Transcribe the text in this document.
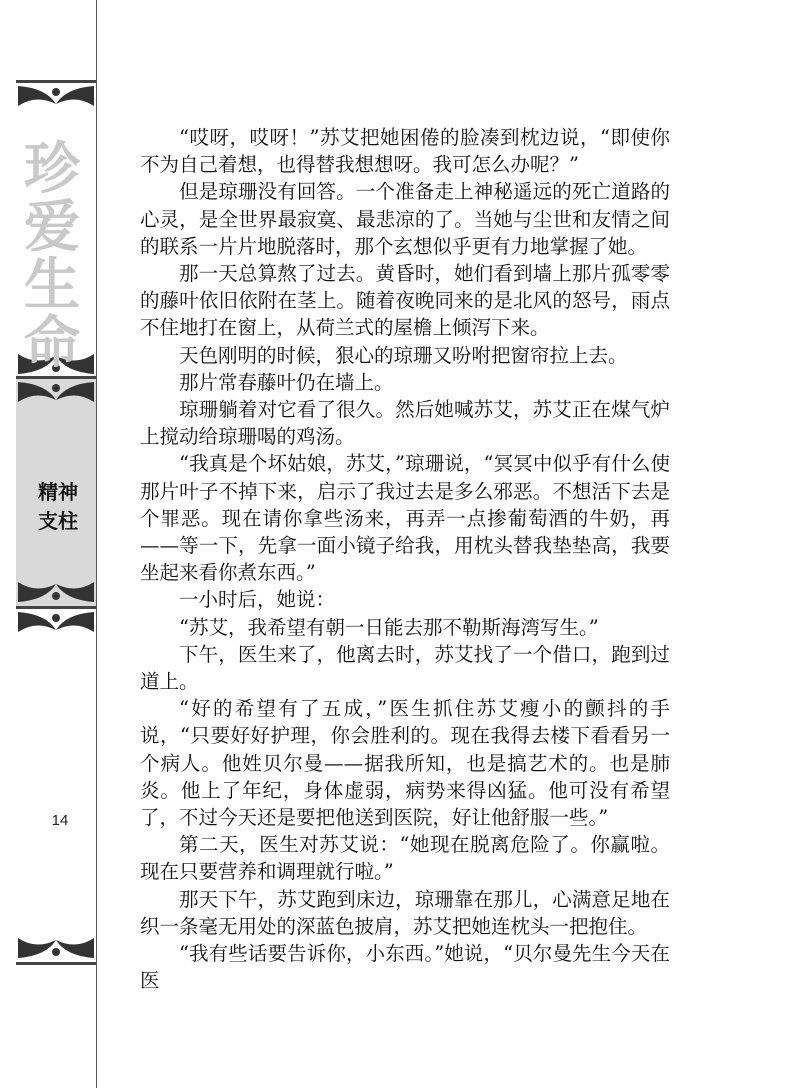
珍爱生命
精神支柱
14

“哎呀，哎呀！”苏艾把她困倦的脸凑到枕边说，“即使你不为自己着想，也得替我想想呀。我可怎么办呢？”

但是琼珊没有回答。一个准备走上神秘遥远的死亡道路的心灵，是全世界最寂寞、最悲凉的了。当她与尘世和友情之间的联系一片片地脱落时，那个玄想似乎更有力地掌握了她。

那一天总算熬了过去。黄昏时，她们看到墙上那片孤零零的藤叶依旧依附在茎上。随着夜晚同来的是北风的怒号，雨点不住地打在窗上，从荷兰式的屋檐上倾泻下来。

天色刚明的时候，狠心的琼珊又吩咐把窗帘拉上去。

那片常春藤叶仍在墙上。

琼珊躺着对它看了很久。然后她喊苏艾，苏艾正在煤气炉上搅动给琼珊喝的鸡汤。

“我真是个坏姑娘，苏艾，”琼珊说，“冥冥中似乎有什么使那片叶子不掉下来，启示了我过去是多么邪恶。不想活下去是个罪恶。现在请你拿些汤来，再弄一点掺葡萄酒的牛奶，再——等一下，先拿一面小镜子给我，用枕头替我垫垫高，我要坐起来看你煮东西。”

一小时后，她说：

“苏艾，我希望有朝一日能去那不勒斯海湾写生。”

下午，医生来了，他离去时，苏艾找了一个借口，跑到过道上。

“好的希望有了五成，”医生抓住苏艾瘦小的颤抖的手说，“只要好好护理，你会胜利的。现在我得去楼下看看另一个病人。他姓贝尔曼——据我所知，也是搞艺术的。也是肺炎。他上了年纪，身体虚弱，病势来得凶猛。他可没有希望了，不过今天还是要把他送到医院，好让他舒服一些。”

第二天，医生对苏艾说：“她现在脱离危险了。你赢啦。现在只要营养和调理就行啦。”

那天下午，苏艾跑到床边，琼珊靠在那儿，心满意足地在织一条毫无用处的深蓝色披肩，苏艾把她连枕头一把抱住。

“我有些话要告诉你，小东西。”她说，“贝尔曼先生今天在医
